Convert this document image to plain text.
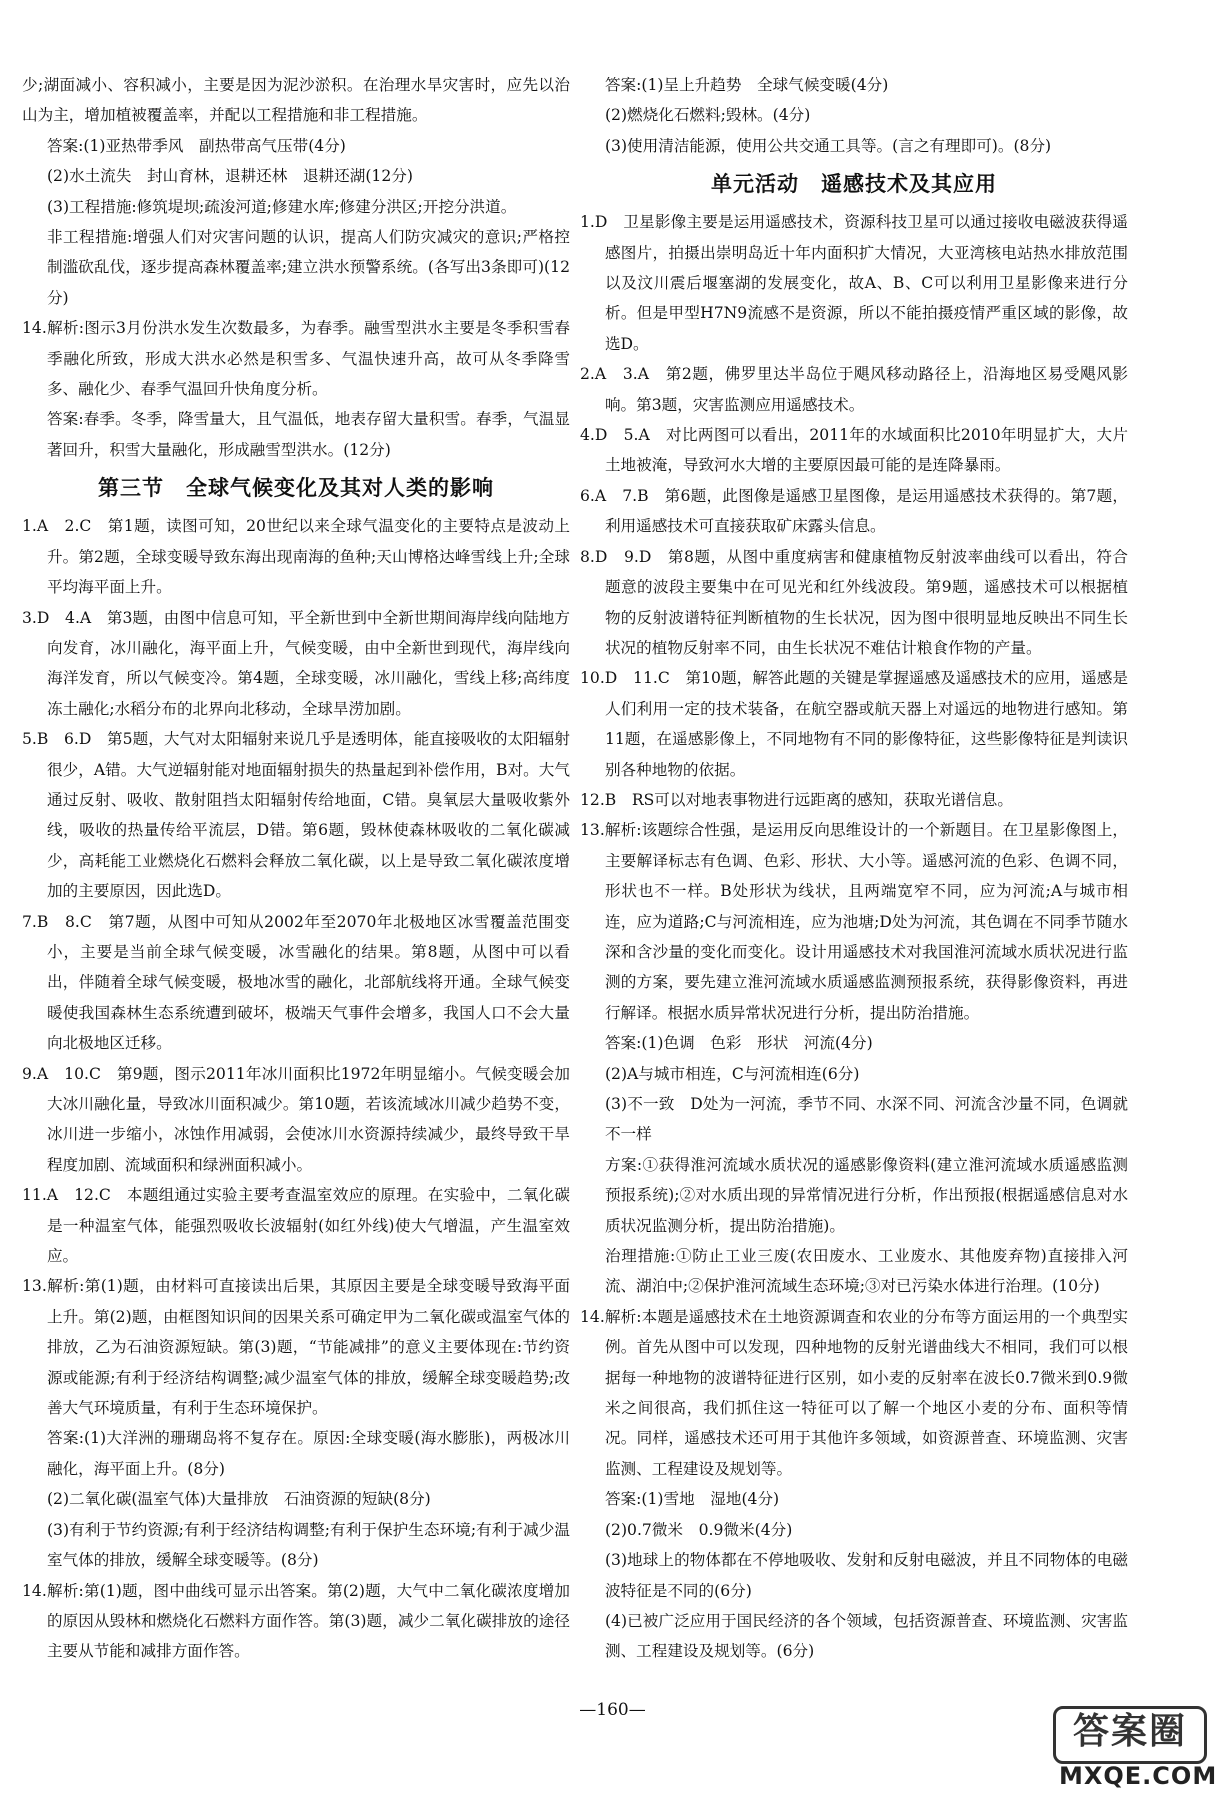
少;湖面减小、容积减小，主要是因为泥沙淤积。在治理水旱灾害时，应先以治山为主，增加植被覆盖率，并配以工程措施和非工程措施。

答案:(1)亚热带季风　副热带高气压带(4分)

(2)水土流失　封山育林，退耕还林　退耕还湖(12分)

(3)工程措施:修筑堤坝;疏浚河道;修建水库;修建分洪区;开挖分洪道。

非工程措施:增强人们对灾害问题的认识，提高人们防灾减灾的意识;严格控制滥砍乱伐，逐步提高森林覆盖率;建立洪水预警系统。(各写出3条即可)(12分)

14.解析:图示3月份洪水发生次数最多，为春季。融雪型洪水主要是冬季积雪春季融化所致，形成大洪水必然是积雪多、气温快速升高，故可从冬季降雪多、融化少、春季气温回升快角度分析。

答案:春季。冬季，降雪量大，且气温低，地表存留大量积雪。春季，气温显著回升，积雪大量融化，形成融雪型洪水。(12分)

第三节　全球气候变化及其对人类的影响

1.A　2.C　第1题，读图可知，20世纪以来全球气温变化的主要特点是波动上升。第2题，全球变暖导致东海出现南海的鱼种;天山博格达峰雪线上升;全球平均海平面上升。

3.D　4.A　第3题，由图中信息可知，平全新世到中全新世期间海岸线向陆地方向发育，冰川融化，海平面上升，气候变暖，由中全新世到现代，海岸线向海洋发育，所以气候变冷。第4题，全球变暖，冰川融化，雪线上移;高纬度冻土融化;水稻分布的北界向北移动，全球旱涝加剧。

5.B　6.D　第5题，大气对太阳辐射来说几乎是透明体，能直接吸收的太阳辐射很少，A错。大气逆辐射能对地面辐射损失的热量起到补偿作用，B对。大气通过反射、吸收、散射阻挡太阳辐射传给地面，C错。臭氧层大量吸收紫外线，吸收的热量传给平流层，D错。第6题，毁林使森林吸收的二氧化碳减少，高耗能工业燃烧化石燃料会释放二氧化碳，以上是导致二氧化碳浓度增加的主要原因，因此选D。

7.B　8.C　第7题，从图中可知从2002年至2070年北极地区冰雪覆盖范围变小，主要是当前全球气候变暖，冰雪融化的结果。第8题，从图中可以看出，伴随着全球气候变暖，极地冰雪的融化，北部航线将开通。全球气候变暖使我国森林生态系统遭到破坏，极端天气事件会增多，我国人口不会大量向北极地区迁移。

9.A　10.C　第9题，图示2011年冰川面积比1972年明显缩小。气候变暖会加大冰川融化量，导致冰川面积减少。第10题，若该流域冰川减少趋势不变，冰川进一步缩小，冰蚀作用减弱，会使冰川水资源持续减少，最终导致干旱程度加剧、流域面积和绿洲面积减小。

11.A　12.C　本题组通过实验主要考查温室效应的原理。在实验中，二氧化碳是一种温室气体，能强烈吸收长波辐射(如红外线)使大气增温，产生温室效应。

13.解析:第(1)题，由材料可直接读出后果，其原因主要是全球变暖导致海平面上升。第(2)题，由框图知识间的因果关系可确定甲为二氧化碳或温室气体的排放，乙为石油资源短缺。第(3)题，“节能减排”的意义主要体现在:节约资源或能源;有利于经济结构调整;减少温室气体的排放，缓解全球变暖趋势;改善大气环境质量，有利于生态环境保护。

答案:(1)大洋洲的珊瑚岛将不复存在。原因:全球变暖(海水膨胀)，两极冰川融化，海平面上升。(8分)

(2)二氧化碳(温室气体)大量排放　石油资源的短缺(8分)

(3)有利于节约资源;有利于经济结构调整;有利于保护生态环境;有利于减少温室气体的排放，缓解全球变暖等。(8分)

14.解析:第(1)题，图中曲线可显示出答案。第(2)题，大气中二氧化碳浓度增加的原因从毁林和燃烧化石燃料方面作答。第(3)题，减少二氧化碳排放的途径主要从节能和减排方面作答。

答案:(1)呈上升趋势　全球气候变暖(4分)

(2)燃烧化石燃料;毁林。(4分)

(3)使用清洁能源，使用公共交通工具等。(言之有理即可)。(8分)

单元活动　遥感技术及其应用

1.D　卫星影像主要是运用遥感技术，资源科技卫星可以通过接收电磁波获得遥感图片，拍摄出崇明岛近十年内面积扩大情况，大亚湾核电站热水排放范围以及汶川震后堰塞湖的发展变化，故A、B、C可以利用卫星影像来进行分析。但是甲型H7N9流感不是资源，所以不能拍摄疫情严重区域的影像，故选D。

2.A　3.A　第2题，佛罗里达半岛位于飓风移动路径上，沿海地区易受飓风影响。第3题，灾害监测应用遥感技术。

4.D　5.A　对比两图可以看出，2011年的水域面积比2010年明显扩大，大片土地被淹，导致河水大增的主要原因最可能的是连降暴雨。

6.A　7.B　第6题，此图像是遥感卫星图像，是运用遥感技术获得的。第7题，利用遥感技术可直接获取矿床露头信息。

8.D　9.D　第8题，从图中重度病害和健康植物反射波率曲线可以看出，符合题意的波段主要集中在可见光和红外线波段。第9题，遥感技术可以根据植物的反射波谱特征判断植物的生长状况，因为图中很明显地反映出不同生长状况的植物反射率不同，由生长状况不难估计粮食作物的产量。

10.D　11.C　第10题，解答此题的关键是掌握遥感及遥感技术的应用，遥感是人们利用一定的技术装备，在航空器或航天器上对遥远的地物进行感知。第11题，在遥感影像上，不同地物有不同的影像特征，这些影像特征是判读识别各种地物的依据。

12.B　RS可以对地表事物进行远距离的感知，获取光谱信息。

13.解析:该题综合性强，是运用反向思维设计的一个新题目。在卫星影像图上，主要解译标志有色调、色彩、形状、大小等。遥感河流的色彩、色调不同，形状也不一样。B处形状为线状，且两端宽窄不同，应为河流;A与城市相连，应为道路;C与河流相连，应为池塘;D处为河流，其色调在不同季节随水深和含沙量的变化而变化。设计用遥感技术对我国淮河流域水质状况进行监测的方案，要先建立淮河流域水质遥感监测预报系统，获得影像资料，再进行解译。根据水质异常状况进行分析，提出防治措施。

答案:(1)色调　色彩　形状　河流(4分)

(2)A与城市相连，C与河流相连(6分)

(3)不一致　D处为一河流，季节不同、水深不同、河流含沙量不同，色调就不一样

方案:①获得淮河流域水质状况的遥感影像资料(建立淮河流域水质遥感监测预报系统);②对水质出现的异常情况进行分析，作出预报(根据遥感信息对水质状况监测分析，提出防治措施)。

治理措施:①防止工业三废(农田废水、工业废水、其他废弃物)直接排入河流、湖泊中;②保护淮河流域生态环境;③对已污染水体进行治理。(10分)

14.解析:本题是遥感技术在土地资源调查和农业的分布等方面运用的一个典型实例。首先从图中可以发现，四种地物的反射光谱曲线大不相同，我们可以根据每一种地物的波谱特征进行区别，如小麦的反射率在波长0.7微米到0.9微米之间很高，我们抓住这一特征可以了解一个地区小麦的分布、面积等情况。同样，遥感技术还可用于其他许多领域，如资源普查、环境监测、灾害监测、工程建设及规划等。

答案:(1)雪地　湿地(4分)

(2)0.7微米　0.9微米(4分)

(3)地球上的物体都在不停地吸收、发射和反射电磁波，并且不同物体的电磁波特征是不同的(6分)

(4)已被广泛应用于国民经济的各个领域，包括资源普查、环境监测、灾害监测、工程建设及规划等。(6分)

—160—
答案圈
MXQE.COM
